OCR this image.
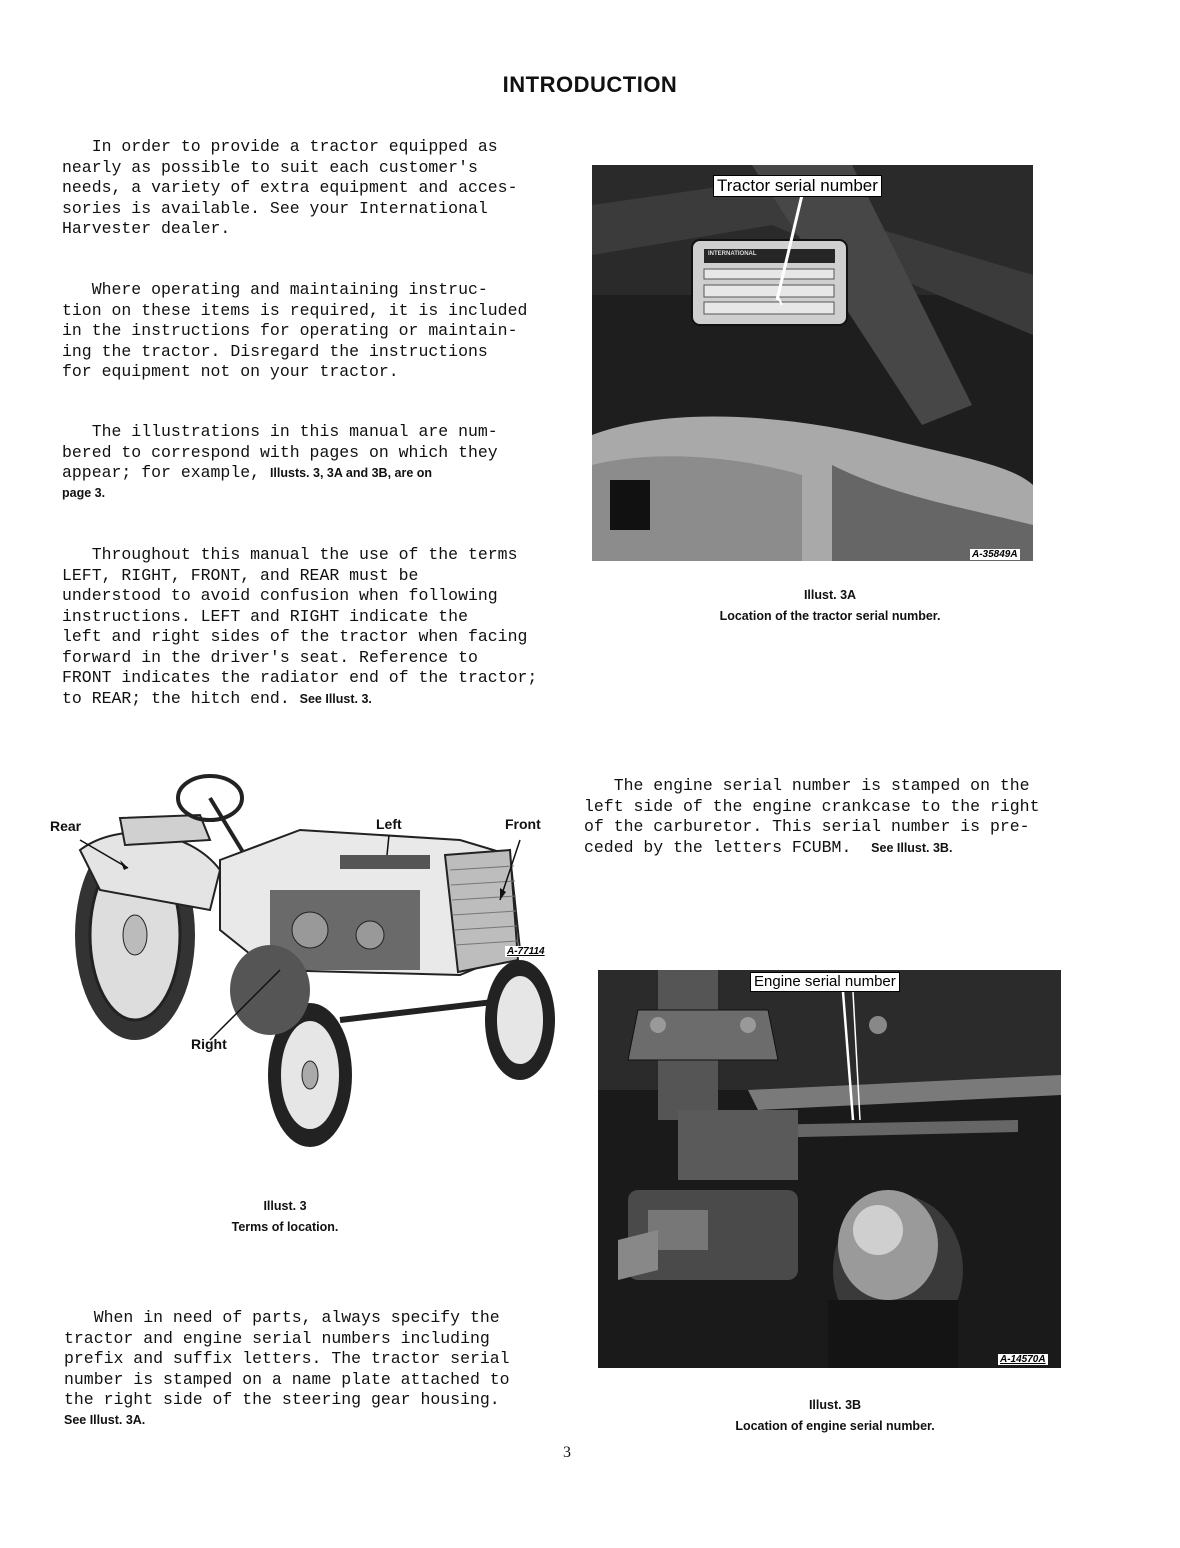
INTRODUCTION

In order to provide a tractor equipped as
nearly as possible to suit each customer's
needs, a variety of extra equipment and acces-
sories is available. See your International
Harvester dealer.

Where operating and maintaining instruc-
tion on these items is required, it is included
in the instructions for operating or maintain-
ing the tractor. Disregard the instructions
for equipment not on your tractor.

The illustrations in this manual are num-
bered to correspond with pages on which they
appear; for example, Illusts. 3, 3A and 3B, are on
page 3.
Throughout this manual the use of the terms
LEFT, RIGHT, FRONT, and REAR must be
understood to avoid confusion when following
instructions. LEFT and RIGHT indicate the
left and right sides of the tractor when facing
forward in the driver's seat. Reference to
FRONT indicates the radiator end of the tractor;
to REAR; the hitch end. See Illust. 3.
Tractor serial number
INTERNATIONAL
A-35849A
Illust. 3A
Location of the tractor serial number.
Rear	Left	Front
Right
A-77114
Illust. 3
Terms of location.
The engine serial number is stamped on the
left side of the engine crankcase to the right
of the carburetor. This serial number is pre-
ceded by the letters FCUBM.  See Illust. 3B.
Engine serial number
A-14570A
Illust. 3B
Location of engine serial number.
When in need of parts, always specify the
tractor and engine serial numbers including
prefix and suffix letters. The tractor serial
number is stamped on a name plate attached to
the right side of the steering gear housing.
See Illust. 3A.
3
